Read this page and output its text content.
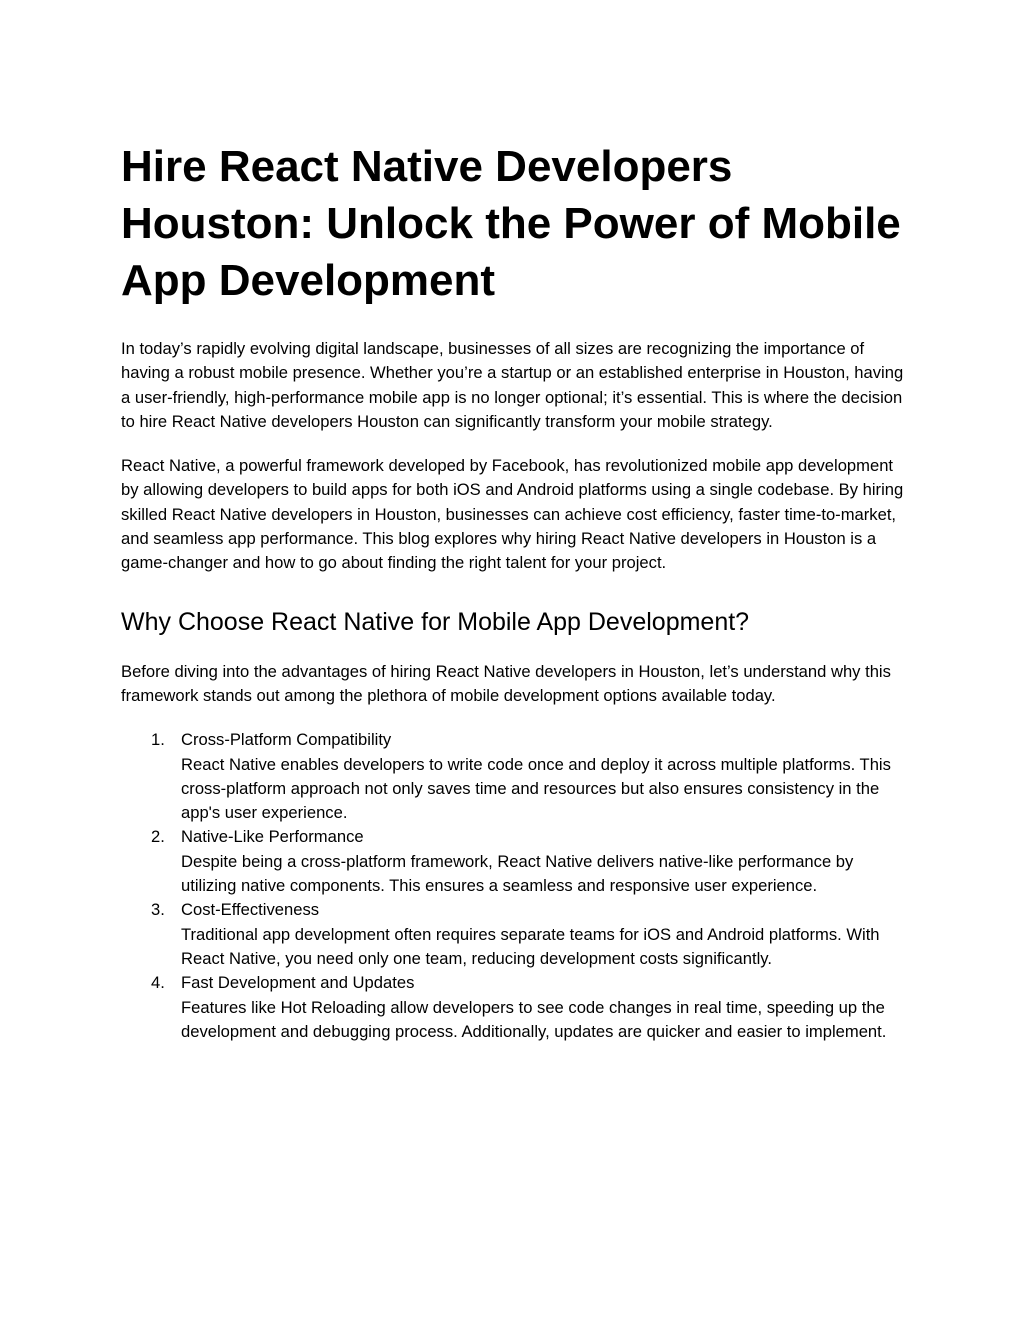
Hire React Native Developers Houston: Unlock the Power of Mobile App Development

In today’s rapidly evolving digital landscape, businesses of all sizes are recognizing the importance of having a robust mobile presence. Whether you’re a startup or an established enterprise in Houston, having a user-friendly, high-performance mobile app is no longer optional; it’s essential. This is where the decision to hire React Native developers Houston can significantly transform your mobile strategy.

React Native, a powerful framework developed by Facebook, has revolutionized mobile app development by allowing developers to build apps for both iOS and Android platforms using a single codebase. By hiring skilled React Native developers in Houston, businesses can achieve cost efficiency, faster time-to-market, and seamless app performance. This blog explores why hiring React Native developers in Houston is a game-changer and how to go about finding the right talent for your project.

Why Choose React Native for Mobile App Development?

Before diving into the advantages of hiring React Native developers in Houston, let’s understand why this framework stands out among the plethora of mobile development options available today.

1. Cross-Platform Compatibility
React Native enables developers to write code once and deploy it across multiple platforms. This cross-platform approach not only saves time and resources but also ensures consistency in the app's user experience.
2. Native-Like Performance
Despite being a cross-platform framework, React Native delivers native-like performance by utilizing native components. This ensures a seamless and responsive user experience.
3. Cost-Effectiveness
Traditional app development often requires separate teams for iOS and Android platforms. With React Native, you need only one team, reducing development costs significantly.
4. Fast Development and Updates
Features like Hot Reloading allow developers to see code changes in real time, speeding up the development and debugging process. Additionally, updates are quicker and easier to implement.
